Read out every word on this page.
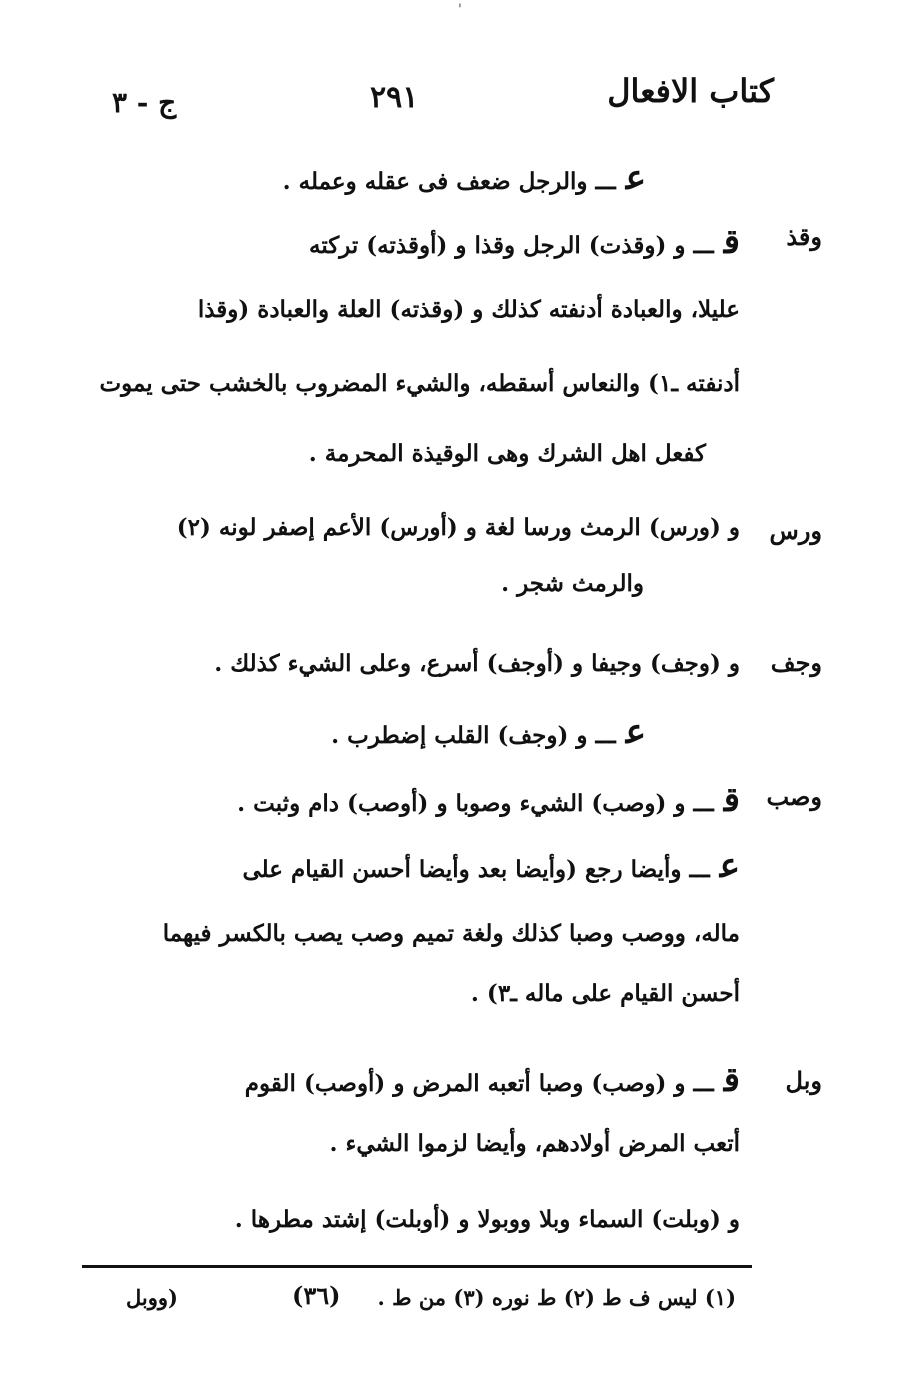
'
كتاب الافعال
٢٩١
ج - ٣
عـــ والرجل ضعف فى عقله وعمله .
وقذ
قـــ و (وقذت) الرجل وقذا و (أوقذته) تركته
عليلا، والعبادة أدنفته كذلك و (وقذته) العلة والعبادة (وقذا
أدنفته ـ١) والنعاس أسقطه، والشيء المضروب بالخشب حتى يموت
كفعل اهل الشرك وهى الوقيذة المحرمة .
ورس
و (ورس) الرمث ورسا لغة و (أورس) الأعم إصفر لونه (٢)
والرمث شجر .
وجف
و (وجف) وجيفا و (أوجف) أسرع، وعلى الشيء كذلك .
عـــ و (وجف) القلب إضطرب .
وصب
قـــ و (وصب) الشيء وصوبا و (أوصب) دام وثبت .
عـــ وأيضا رجع (وأيضا بعد وأيضا أحسن القيام على
ماله، ووصب وصبا كذلك ولغة تميم وصب يصب بالكسر فيهما
أحسن القيام على ماله ـ٣) .
وبل
قـــ و (وصب) وصبا أتعبه المرض و (أوصب) القوم
أتعب المرض أولادهم، وأيضا لزموا الشيء .
و (وبلت) السماء وبلا ووبولا و (أوبلت) إشتد مطرها .
(١) ليس ف ط (٢) ط نوره (٣) من ط .
(٣٦)
(ووبل
